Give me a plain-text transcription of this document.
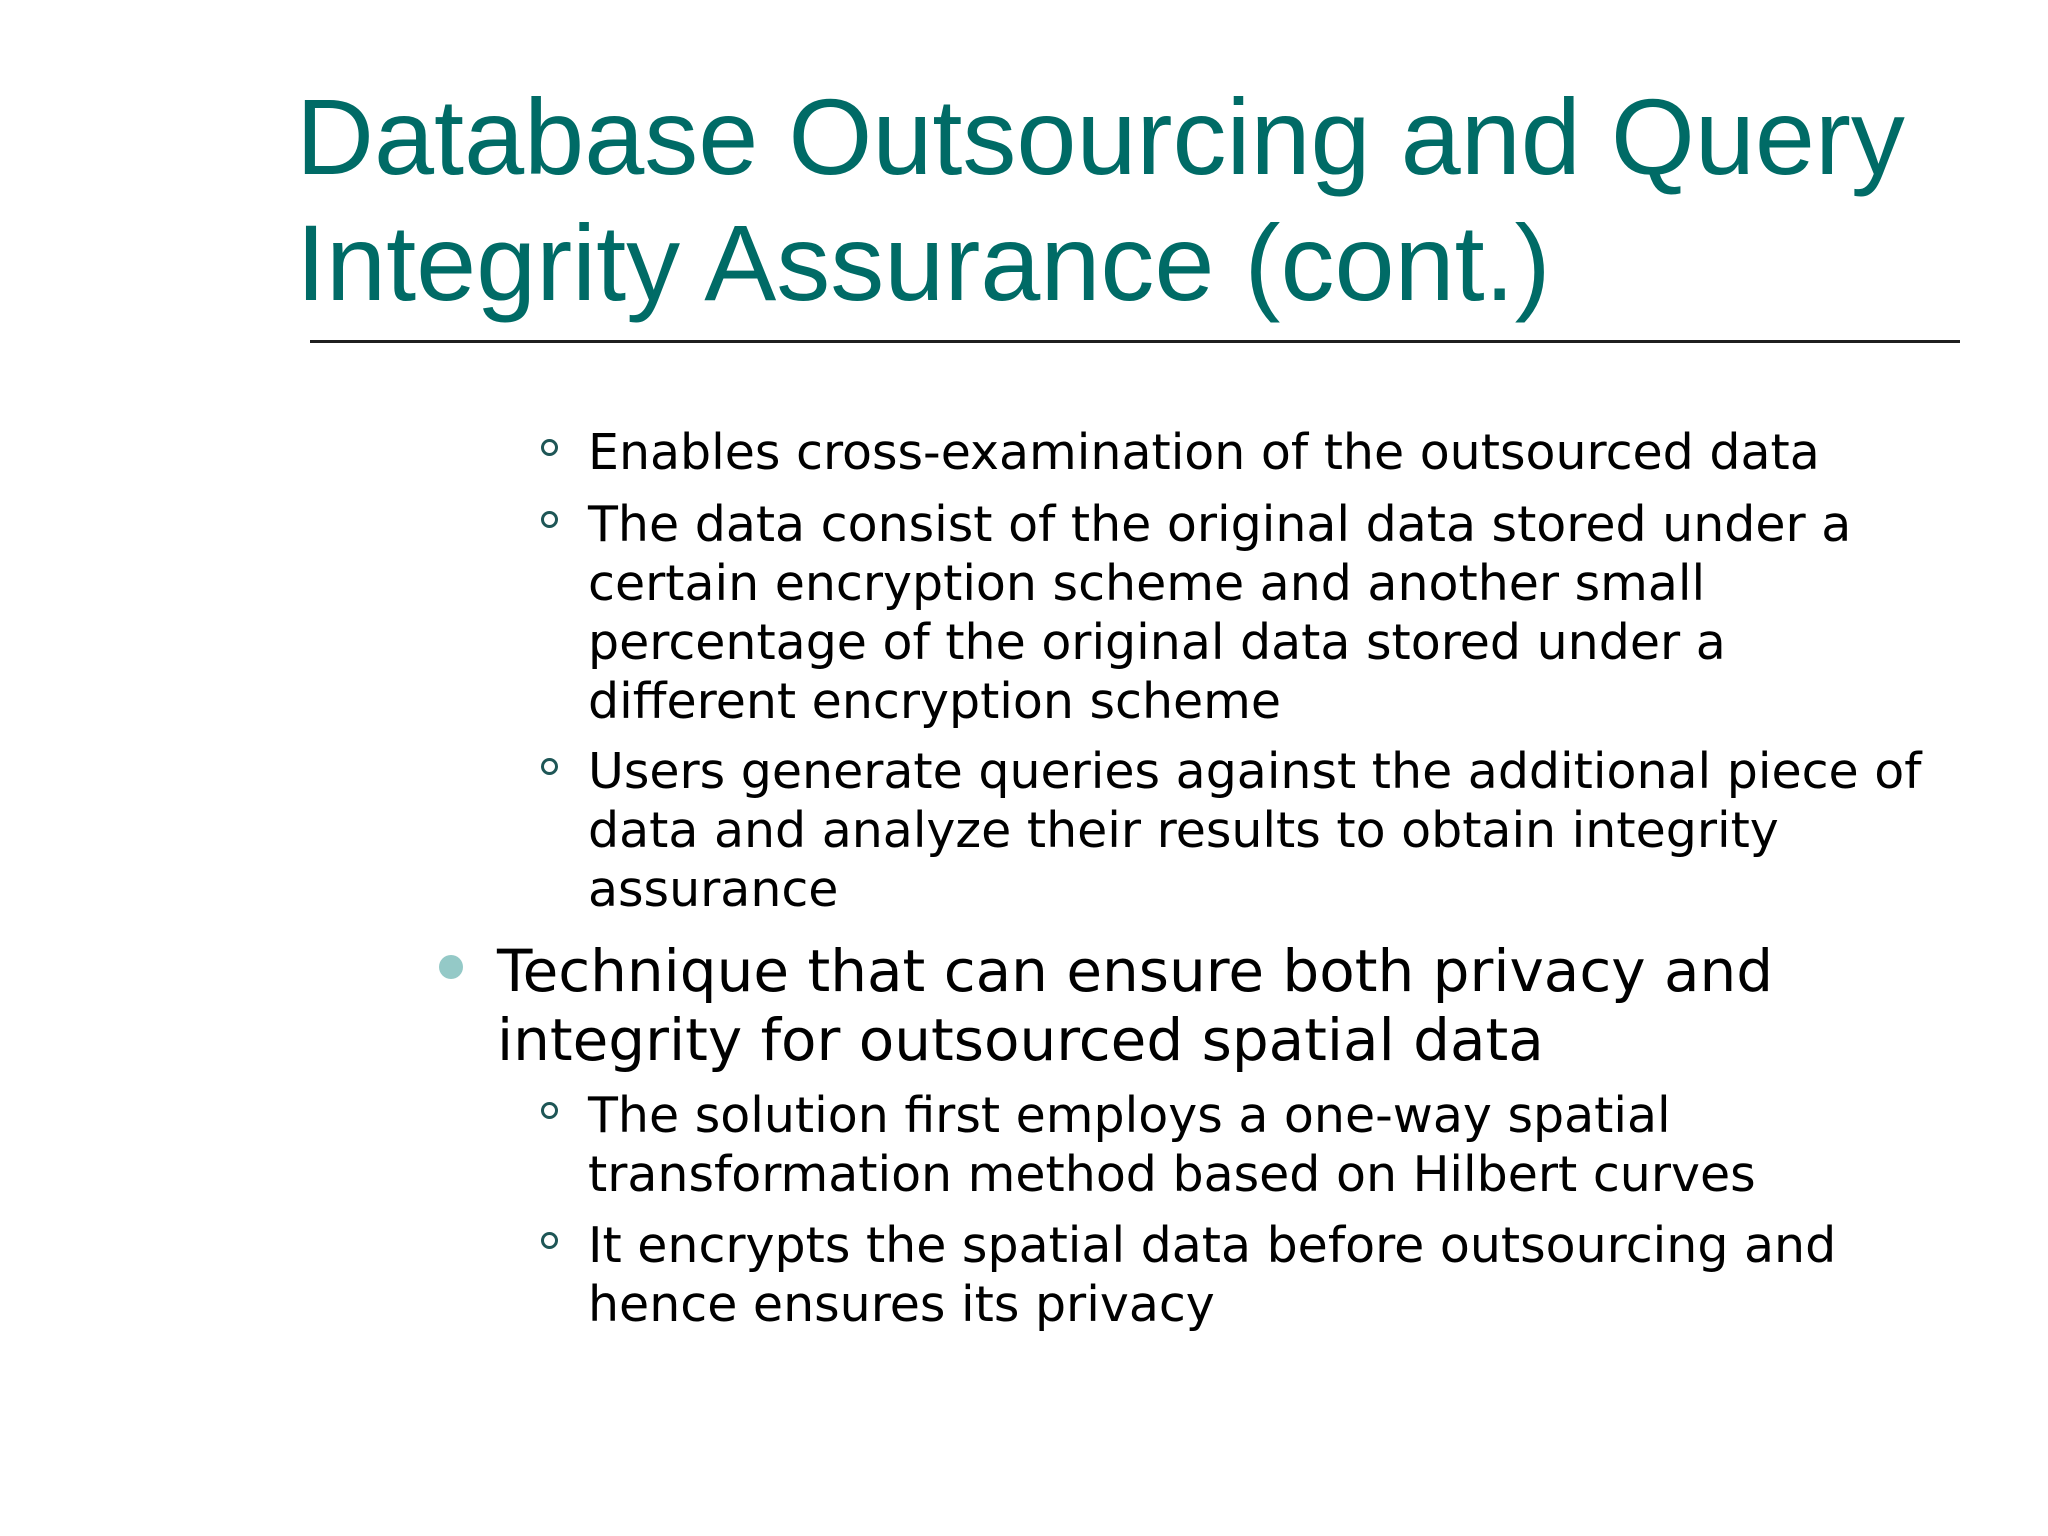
Database Outsourcing and Query
Integrity Assurance (cont.)
Enables cross-examination of the outsourced data
The data consist of the original data stored under a
certain encryption scheme and another small
percentage of the original data stored under a
different encryption scheme
Users generate queries against the additional piece of
data and analyze their results to obtain integrity
assurance
Technique that can ensure both privacy and
integrity for outsourced spatial data
The solution first employs a one-way spatial
transformation method based on Hilbert curves
It encrypts the spatial data before outsourcing and
hence ensures its privacy
